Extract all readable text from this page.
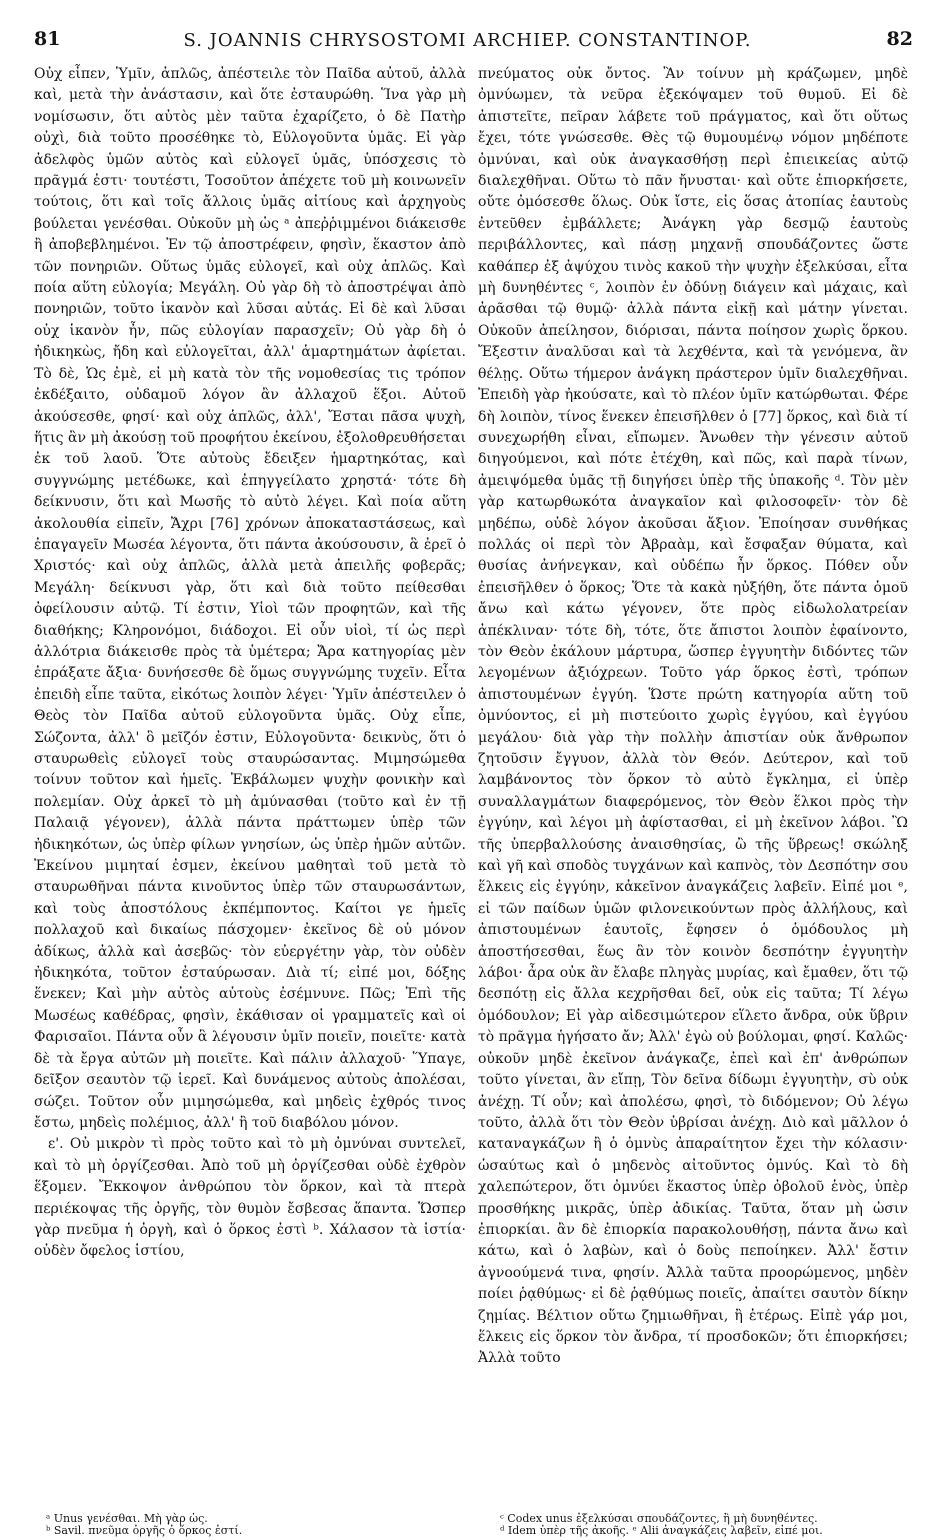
81	S. JOANNIS CHRYSOSTOMI ARCHIEP. CONSTANTINOP.	82

Οὐχ εἶπεν, Ὑμῖν, ἁπλῶς, ἀπέστειλε τὸν Παῖδα αὐτοῦ, ἀλλὰ καὶ, μετὰ τὴν ἀνάστασιν, καὶ ὅτε ἐσταυρώθη. Ἵνα γὰρ μὴ νομίσωσιν, ὅτι αὐτὸς μὲν ταῦτα ἐχαρίζετο, ὁ δὲ Πατὴρ οὐχὶ, διὰ τοῦτο προσέθηκε τὸ, Εὐλογοῦντα ὑμᾶς. Εἰ γὰρ ἀδελφὸς ὑμῶν αὐτὸς καὶ εὐλογεῖ ὑμᾶς, ὑπόσχεσις τὸ πρᾶγμά ἐστι· τουτέστι, Τοσοῦτον ἀπέχετε τοῦ μὴ κοινωνεῖν τούτοις, ὅτι καὶ τοῖς ἄλλοις ὑμᾶς αἰτίους καὶ ἀρχηγοὺς βούλεται γενέσθαι. Οὐκοῦν μὴ ὡς ᵃ ἀπεῤῥιμμένοι διάκεισθε ἢ ἀποβεβλημένοι. Ἐν τῷ ἀποστρέφειν, φησὶν, ἕκαστον ἀπὸ τῶν πονηριῶν. Οὕτως ὑμᾶς εὐλογεῖ, καὶ οὐχ ἁπλῶς. Καὶ ποία αὕτη εὐλογία; Μεγάλη. Οὐ γὰρ δὴ τὸ ἀποστρέψαι ἀπὸ πονηριῶν, τοῦτο ἱκανὸν καὶ λῦσαι αὐτάς. Εἰ δὲ καὶ λῦσαι οὐχ ἱκανὸν ἦν, πῶς εὐλογίαν παρασχεῖν; Οὐ γὰρ δὴ ὁ ἠδικηκὼς, ἤδη καὶ εὐλογεῖται, ἀλλ' ἁμαρτημάτων ἀφίεται. Τὸ δὲ, Ὡς ἐμὲ, εἰ μὴ κατὰ τὸν τῆς νομοθεσίας τις τρόπον ἐκδέξαιτο, οὐδαμοῦ λόγον ἂν ἀλλαχοῦ ἕξοι. Αὐτοῦ ἀκούσεσθε, φησί· καὶ οὐχ ἁπλῶς, ἀλλ', Ἔσται πᾶσα ψυχὴ, ἥτις ἂν μὴ ἀκούσῃ τοῦ προφήτου ἐκείνου, ἐξολοθρευθήσεται ἐκ τοῦ λαοῦ. Ὅτε αὐτοὺς ἔδειξεν ἡμαρτηκότας, καὶ συγγνώμης μετέδωκε, καὶ ἐπηγγείλατο χρηστά· τότε δὴ δείκνυσιν, ὅτι καὶ Μωσῆς τὸ αὐτὸ λέγει. Καὶ ποία αὕτη ἀκολουθία εἰπεῖν, Ἄχρι [76] χρόνων ἀποκαταστάσεως, καὶ ἐπαγαγεῖν Μωσέα λέγοντα, ὅτι πάντα ἀκούσουσιν, ἃ ἐρεῖ ὁ Χριστός· καὶ οὐχ ἁπλῶς, ἀλλὰ μετὰ ἀπειλῆς φοβερᾶς; Μεγάλη· δείκνυσι γὰρ, ὅτι καὶ διὰ τοῦτο πείθεσθαι ὀφείλουσιν αὐτῷ. Τί ἐστιν, Υἱοὶ τῶν προφητῶν, καὶ τῆς διαθήκης; Κληρονόμοι, διάδοχοι. Εἰ οὖν υἱοὶ, τί ὡς περὶ ἀλλότρια διάκεισθε πρὸς τὰ ὑμέτερα; Ἄρα κατηγορίας μὲν ἐπράξατε ἄξια· δυνήσεσθε δὲ ὅμως συγγνώμης τυχεῖν. Εἶτα ἐπειδὴ εἶπε ταῦτα, εἰκότως λοιπὸν λέγει· Ὑμῖν ἀπέστειλεν ὁ Θεὸς τὸν Παῖδα αὐτοῦ εὐλογοῦντα ὑμᾶς. Οὐχ εἶπε, Σώζοντα, ἀλλ' ὃ μεῖζόν ἐστιν, Εὐλογοῦντα· δεικνὺς, ὅτι ὁ σταυρωθεὶς εὐλογεῖ τοὺς σταυρώσαντας. Μιμησώμεθα τοίνυν τοῦτον καὶ ἡμεῖς. Ἐκβάλωμεν ψυχὴν φονικὴν καὶ πολεμίαν. Οὐχ ἀρκεῖ τὸ μὴ ἀμύνασθαι (τοῦτο καὶ ἐν τῇ Παλαιᾷ γέγονεν), ἀλλὰ πάντα πράττωμεν ὑπὲρ τῶν ἠδικηκότων, ὡς ὑπὲρ φίλων γνησίων, ὡς ὑπὲρ ἡμῶν αὐτῶν. Ἐκείνου μιμηταί ἐσμεν, ἐκείνου μαθηταὶ τοῦ μετὰ τὸ σταυρωθῆναι πάντα κινοῦντος ὑπὲρ τῶν σταυρωσάντων, καὶ τοὺς ἀποστόλους ἐκπέμποντος. Καίτοι γε ἡμεῖς πολλαχοῦ καὶ δικαίως πάσχομεν· ἐκεῖνος δὲ οὐ μόνον ἀδίκως, ἀλλὰ καὶ ἀσεβῶς· τὸν εὐεργέτην γὰρ, τὸν οὐδὲν ἠδικηκότα, τοῦτον ἐσταύρωσαν. Διὰ τί; εἰπέ μοι, δόξης ἕνεκεν; Καὶ μὴν αὐτὸς αὐτοὺς ἐσέμνυνε. Πῶς; Ἐπὶ τῆς Μωσέως καθέδρας, φησὶν, ἐκάθισαν οἱ γραμματεῖς καὶ οἱ Φαρισαῖοι. Πάντα οὖν ἃ λέγουσιν ὑμῖν ποιεῖν, ποιεῖτε· κατὰ δὲ τὰ ἔργα αὐτῶν μὴ ποιεῖτε. Καὶ πάλιν ἀλλαχοῦ· Ὕπαγε, δεῖξον σεαυτὸν τῷ ἱερεῖ. Καὶ δυνάμενος αὐτοὺς ἀπολέσαι, σώζει. Τοῦτον οὖν μιμησώμεθα, καὶ μηδεὶς ἐχθρός τινος ἔστω, μηδεὶς πολέμιος, ἀλλ' ἢ τοῦ διαβόλου μόνον.

ε'. Οὐ μικρὸν τὶ πρὸς τοῦτο καὶ τὸ μὴ ὀμνύναι συντελεῖ, καὶ τὸ μὴ ὀργίζεσθαι. Ἀπὸ τοῦ μὴ ὀργίζεσθαι οὐδὲ ἐχθρὸν ἕξομεν. Ἔκκοψον ἀνθρώπου τὸν ὅρκον, καὶ τὰ πτερὰ περιέκοψας τῆς ὀργῆς, τὸν θυμὸν ἔσβεσας ἅπαντα. Ὥσπερ γὰρ πνεῦμα ἡ ὀργὴ, καὶ ὁ ὅρκος ἐστὶ ᵇ. Χάλασον τὰ ἱστία· οὐδὲν ὄφελος ἱστίου,

πνεύματος οὐκ ὄντος. Ἂν τοίνυν μὴ κράζωμεν, μηδὲ ὀμνύωμεν, τὰ νεῦρα ἐξεκόψαμεν τοῦ θυμοῦ. Εἰ δὲ ἀπιστεῖτε, πεῖραν λάβετε τοῦ πράγματος, καὶ ὅτι οὕτως ἔχει, τότε γνώσεσθε. Θὲς τῷ θυμουμένῳ νόμον μηδέποτε ὀμνύναι, καὶ οὐκ ἀναγκασθήσῃ περὶ ἐπιεικείας αὐτῷ διαλεχθῆναι. Οὕτω τὸ πᾶν ἤνυσται· καὶ οὔτε ἐπιορκήσετε, οὔτε ὀμόσεσθε ὅλως. Οὐκ ἴστε, εἰς ὅσας ἀτοπίας ἑαυτοὺς ἐντεῦθεν ἐμβάλλετε; Ἀνάγκη γὰρ δεσμῷ ἑαυτοὺς περιβάλλοντες, καὶ πάσῃ μηχανῇ σπουδάζοντες ὥστε καθάπερ ἐξ ἀψύχου τινὸς κακοῦ τὴν ψυχὴν ἐξελκύσαι, εἶτα μὴ δυνηθέντες ᶜ, λοιπὸν ἐν ὀδύνῃ διάγειν καὶ μάχαις, καὶ ἀρᾶσθαι τῷ θυμῷ· ἀλλὰ πάντα εἰκῇ καὶ μάτην γίνεται. Οὐκοῦν ἀπείλησον, διόρισαι, πάντα ποίησον χωρὶς ὅρκου. Ἔξεστιν ἀναλῦσαι καὶ τὰ λεχθέντα, καὶ τὰ γενόμενα, ἂν θέλῃς. Οὕτω τήμερον ἀνάγκη πράστερον ὑμῖν διαλεχθῆναι. Ἐπειδὴ γὰρ ἠκούσατε, καὶ τὸ πλέον ὑμῖν κατώρθωται. Φέρε δὴ λοιπὸν, τίνος ἕνεκεν ἐπεισῆλθεν ὁ [77] ὅρκος, καὶ διὰ τί συνεχωρήθη εἶναι, εἴπωμεν. Ἄνωθεν τὴν γένεσιν αὐτοῦ διηγούμενοι, καὶ πότε ἐτέχθη, καὶ πῶς, καὶ παρὰ τίνων, ἀμειψόμεθα ὑμᾶς τῇ διηγήσει ὑπὲρ τῆς ὑπακοῆς ᵈ. Τὸν μὲν γὰρ κατωρθωκότα ἀναγκαῖον καὶ φιλοσοφεῖν· τὸν δὲ μηδέπω, οὐδὲ λόγον ἀκοῦσαι ἄξιον. Ἐποίησαν συνθήκας πολλάς οἱ περὶ τὸν Ἀβραὰμ, καὶ ἔσφαξαν θύματα, καὶ θυσίας ἀνήνεγκαν, καὶ οὐδέπω ἦν ὅρκος. Πόθεν οὖν ἐπεισῆλθεν ὁ ὅρκος; Ὅτε τὰ κακὰ ηὐξήθη, ὅτε πάντα ὁμοῦ ἄνω καὶ κάτω γέγονεν, ὅτε πρὸς εἰδωλολατρείαν ἀπέκλιναν· τότε δὴ, τότε, ὅτε ἄπιστοι λοιπὸν ἐφαίνοντο, τὸν Θεὸν ἐκάλουν μάρτυρα, ὥσπερ ἐγγυητὴν διδόντες τῶν λεγομένων ἀξιόχρεων. Τοῦτο γάρ ὅρκος ἐστὶ, τρόπων ἀπιστουμένων ἐγγύη. Ὥστε πρώτη κατηγορία αὕτη τοῦ ὀμνύοντος, εἰ μὴ πιστεύοιτο χωρὶς ἐγγύου, καὶ ἐγγύου μεγάλου· διὰ γὰρ τὴν πολλὴν ἀπιστίαν οὐκ ἄνθρωπον ζητοῦσιν ἔγγυον, ἀλλὰ τὸν Θεόν. Δεύτερον, καὶ τοῦ λαμβάνοντος τὸν ὅρκον τὸ αὐτὸ ἔγκλημα, εἰ ὑπὲρ συναλλαγμάτων διαφερόμενος, τὸν Θεὸν ἕλκοι πρὸς τὴν ἐγγύην, καὶ λέγοι μὴ ἀφίστασθαι, εἰ μὴ ἐκεῖνον λάβοι. Ὢ τῆς ὑπερβαλλούσης ἀναισθησίας, ὢ τῆς ὕβρεως! σκώληξ καὶ γῆ καὶ σποδὸς τυγχάνων καὶ καπνὸς, τὸν Δεσπότην σου ἕλκεις εἰς ἐγγύην, κἀκεῖνον ἀναγκάζεις λαβεῖν. Εἰπέ μοι ᵉ, εἰ τῶν παίδων ὑμῶν φιλονεικούντων πρὸς ἀλλήλους, καὶ ἀπιστουμένων ἑαυτοῖς, ἔφησεν ὁ ὁμόδουλος μὴ ἀποστήσεσθαι, ἕως ἂν τὸν κοινὸν δεσπότην ἐγγυητὴν λάβοι· ἆρα οὐκ ἂν ἔλαβε πληγὰς μυρίας, καὶ ἔμαθεν, ὅτι τῷ δεσπότῃ εἰς ἄλλα κεχρῆσθαι δεῖ, οὐκ εἰς ταῦτα; Τί λέγω ὁμόδουλον; Εἰ γὰρ αἰδεσιμώτερον εἵλετο ἄνδρα, οὐκ ὕβριν τὸ πρᾶγμα ἡγήσατο ἄν; Ἀλλ' ἐγὼ οὐ βούλομαι, φησί. Καλῶς· οὐκοῦν μηδὲ ἐκεῖνον ἀνάγκαζε, ἐπεὶ καὶ ἐπ' ἀνθρώπων τοῦτο γίνεται, ἂν εἴπῃ, Τὸν δεῖνα δίδωμι ἐγγυητὴν, σὺ οὐκ ἀνέχῃ. Τί οὖν; καὶ ἀπολέσω, φησὶ, τὸ διδόμενον; Οὐ λέγω τοῦτο, ἀλλὰ ὅτι τὸν Θεὸν ὑβρίσαι ἀνέχῃ. Διὸ καὶ μᾶλλον ὁ καταναγκάζων ἢ ὁ ὀμνὺς ἀπαραίτητον ἔχει τὴν κόλασιν· ὡσαύτως καὶ ὁ μηδενὸς αἰτοῦντος ὀμνύς. Καὶ τὸ δὴ χαλεπώτερον, ὅτι ὀμνύει ἕκαστος ὑπὲρ ὀβολοῦ ἑνὸς, ὑπὲρ προσθήκης μικρᾶς, ὑπὲρ ἀδικίας. Ταῦτα, ὅταν μὴ ὠσιν ἐπιορκίαι. ἂν δὲ ἐπιορκία παρακολουθήσῃ, πάντα ἄνω καὶ κάτω, καὶ ὁ λαβὼν, καὶ ὁ δοὺς πεποίηκεν. Ἀλλ' ἔστιν ἀγνοούμενά τινα, φησίν. Ἀλλὰ ταῦτα προορώμενος, μηδὲν ποίει ῥᾳθύμως· εἰ δὲ ῥᾳθύμως ποιεῖς, ἀπαίτει σαυτὸν δίκην ζημίας. Βέλτιον οὕτω ζημιωθῆναι, ἢ ἑτέρως. Εἰπὲ γάρ μοι, ἕλκεις εἰς ὅρκον τὸν ἄνδρα, τί προσδοκῶν; ὅτι ἐπιορκήσει; Ἀλλὰ τοῦτο

ᵃ Unus γενέσθαι. Μὴ γὰρ ὡς.

ᵇ Savil. πνεῦμα ὀργῆς ὁ ὅρκος ἐστί.

ᶜ Codex unus ἐξελκύσαι σπουδάζοντες, ἢ μὴ δυνηθέντες.

ᵈ Idem ὑπὲρ τῆς ἀκοῆς. ᵉ Alii ἀναγκάζεις λαβεῖν, εἰπέ μοι.
